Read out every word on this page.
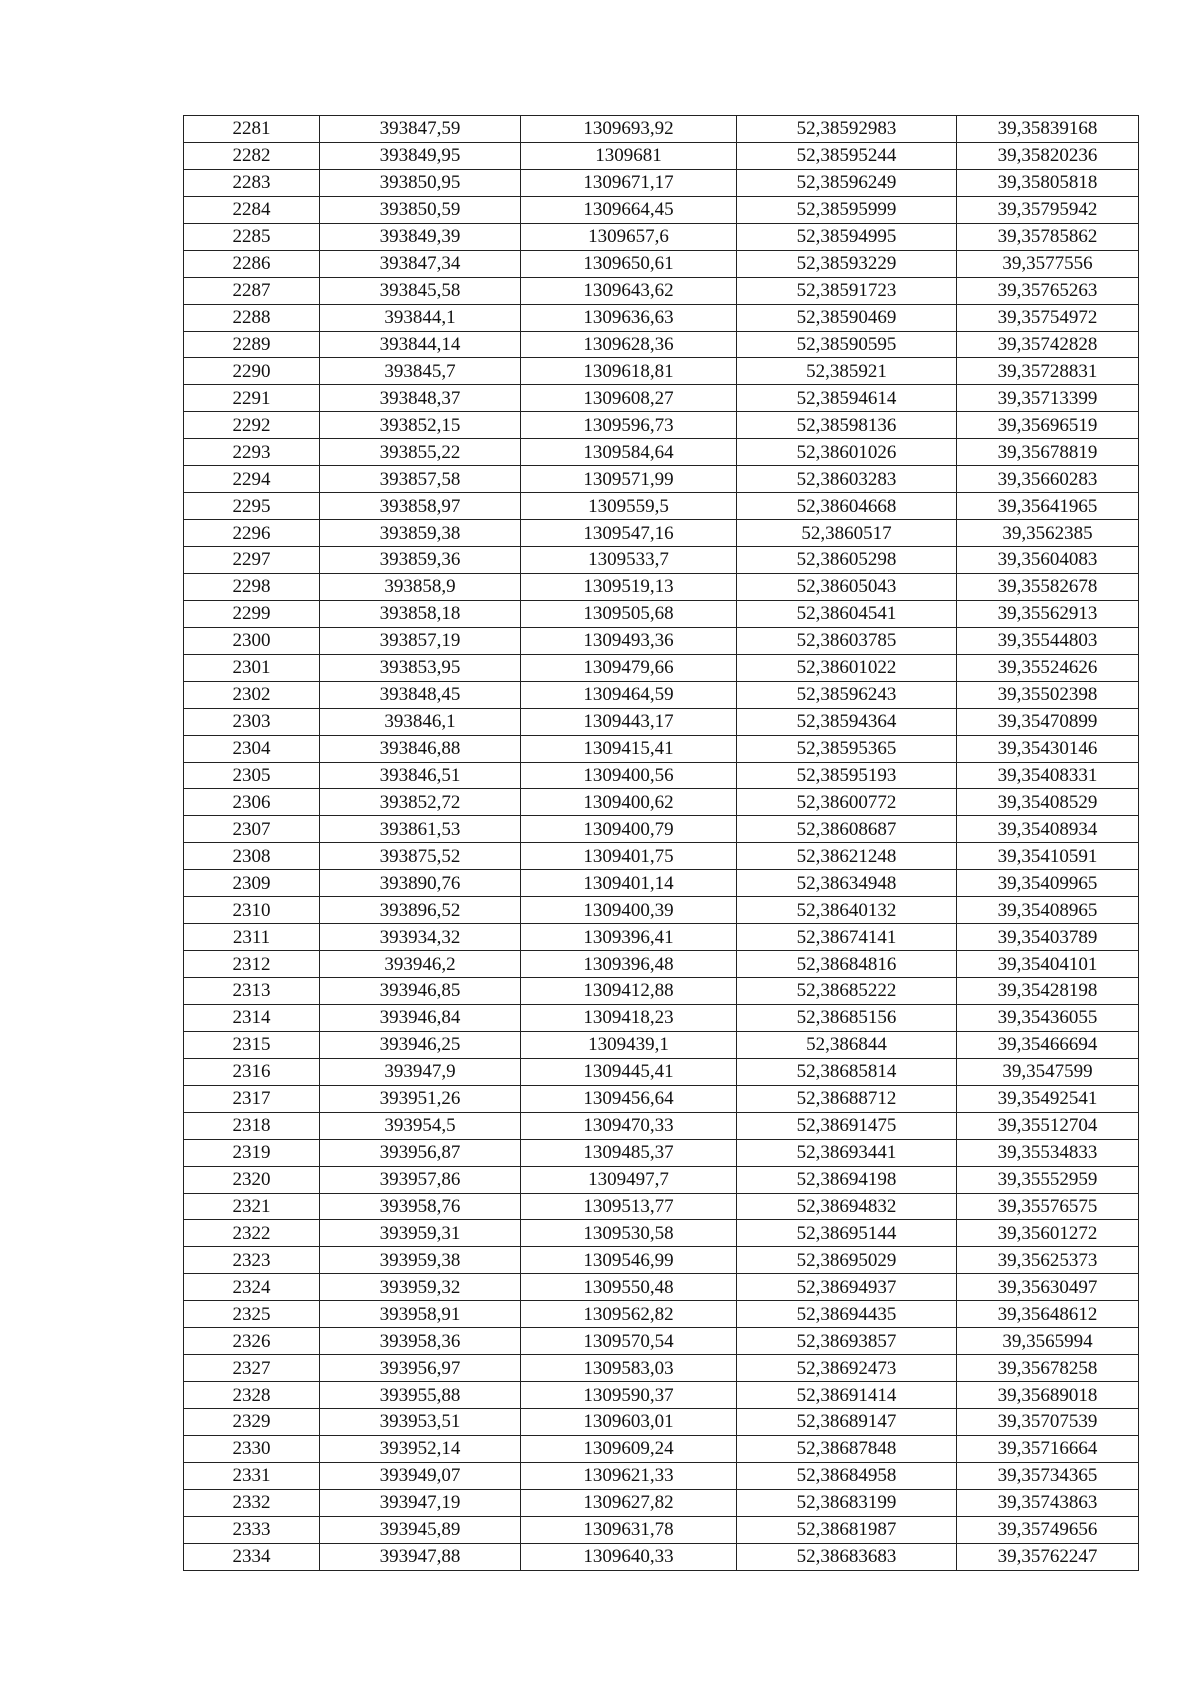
2281	393847,59	1309693,92	52,38592983	39,35839168
2282	393849,95	1309681	52,38595244	39,35820236
2283	393850,95	1309671,17	52,38596249	39,35805818
2284	393850,59	1309664,45	52,38595999	39,35795942
2285	393849,39	1309657,6	52,38594995	39,35785862
2286	393847,34	1309650,61	52,38593229	39,3577556
2287	393845,58	1309643,62	52,38591723	39,35765263
2288	393844,1	1309636,63	52,38590469	39,35754972
2289	393844,14	1309628,36	52,38590595	39,35742828
2290	393845,7	1309618,81	52,385921	39,35728831
2291	393848,37	1309608,27	52,38594614	39,35713399
2292	393852,15	1309596,73	52,38598136	39,35696519
2293	393855,22	1309584,64	52,38601026	39,35678819
2294	393857,58	1309571,99	52,38603283	39,35660283
2295	393858,97	1309559,5	52,38604668	39,35641965
2296	393859,38	1309547,16	52,3860517	39,3562385
2297	393859,36	1309533,7	52,38605298	39,35604083
2298	393858,9	1309519,13	52,38605043	39,35582678
2299	393858,18	1309505,68	52,38604541	39,35562913
2300	393857,19	1309493,36	52,38603785	39,35544803
2301	393853,95	1309479,66	52,38601022	39,35524626
2302	393848,45	1309464,59	52,38596243	39,35502398
2303	393846,1	1309443,17	52,38594364	39,35470899
2304	393846,88	1309415,41	52,38595365	39,35430146
2305	393846,51	1309400,56	52,38595193	39,35408331
2306	393852,72	1309400,62	52,38600772	39,35408529
2307	393861,53	1309400,79	52,38608687	39,35408934
2308	393875,52	1309401,75	52,38621248	39,35410591
2309	393890,76	1309401,14	52,38634948	39,35409965
2310	393896,52	1309400,39	52,38640132	39,35408965
2311	393934,32	1309396,41	52,38674141	39,35403789
2312	393946,2	1309396,48	52,38684816	39,35404101
2313	393946,85	1309412,88	52,38685222	39,35428198
2314	393946,84	1309418,23	52,38685156	39,35436055
2315	393946,25	1309439,1	52,386844	39,35466694
2316	393947,9	1309445,41	52,38685814	39,3547599
2317	393951,26	1309456,64	52,38688712	39,35492541
2318	393954,5	1309470,33	52,38691475	39,35512704
2319	393956,87	1309485,37	52,38693441	39,35534833
2320	393957,86	1309497,7	52,38694198	39,35552959
2321	393958,76	1309513,77	52,38694832	39,35576575
2322	393959,31	1309530,58	52,38695144	39,35601272
2323	393959,38	1309546,99	52,38695029	39,35625373
2324	393959,32	1309550,48	52,38694937	39,35630497
2325	393958,91	1309562,82	52,38694435	39,35648612
2326	393958,36	1309570,54	52,38693857	39,3565994
2327	393956,97	1309583,03	52,38692473	39,35678258
2328	393955,88	1309590,37	52,38691414	39,35689018
2329	393953,51	1309603,01	52,38689147	39,35707539
2330	393952,14	1309609,24	52,38687848	39,35716664
2331	393949,07	1309621,33	52,38684958	39,35734365
2332	393947,19	1309627,82	52,38683199	39,35743863
2333	393945,89	1309631,78	52,38681987	39,35749656
2334	393947,88	1309640,33	52,38683683	39,35762247
